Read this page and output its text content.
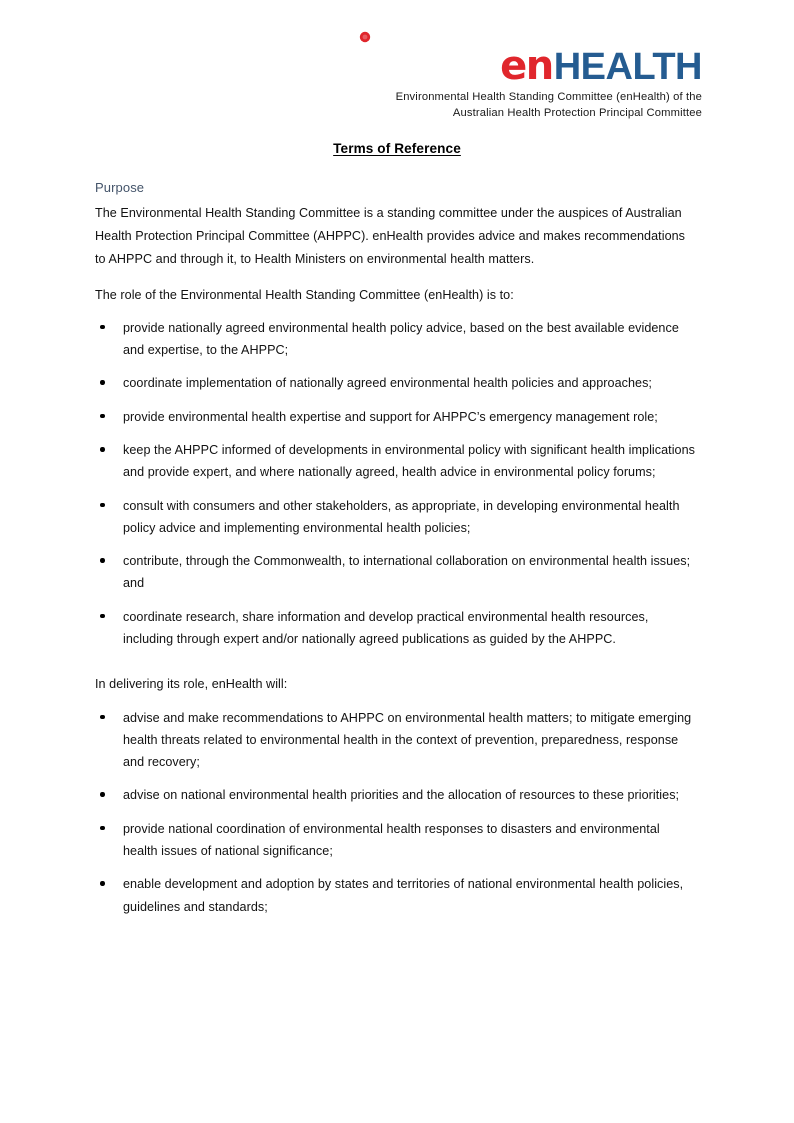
en HEALTH
Environmental Health Standing Committee (enHealth) of the
Australian Health Protection Principal Committee
Terms of Reference
Purpose

The Environmental Health Standing Committee is a standing committee under the auspices of Australian Health Protection Principal Committee (AHPPC). enHealth provides advice and makes recommendations to AHPPC and through it, to Health Ministers on environmental health matters.

The role of the Environmental Health Standing Committee (enHealth) is to:

provide nationally agreed environmental health policy advice, based on the best available evidence and expertise, to the AHPPC;
coordinate implementation of nationally agreed environmental health policies and approaches;
provide environmental health expertise and support for AHPPC’s emergency management role;
keep the AHPPC informed of developments in environmental policy with significant health implications and provide expert, and where nationally agreed, health advice in environmental policy forums;
consult with consumers and other stakeholders, as appropriate, in developing environmental health policy advice and implementing environmental health policies;
contribute, through the Commonwealth, to international collaboration on environmental health issues; and
coordinate research, share information and develop practical environmental health resources, including through expert and/or nationally agreed publications as guided by the AHPPC.

In delivering its role, enHealth will:

advise and make recommendations to AHPPC on environmental health matters; to mitigate emerging health threats related to environmental health in the context of prevention, preparedness, response and recovery;
advise on national environmental health priorities and the allocation of resources to these priorities;
provide national coordination of environmental health responses to disasters and environmental health issues of national significance;
enable development and adoption by states and territories of national environmental health policies, guidelines and standards;
